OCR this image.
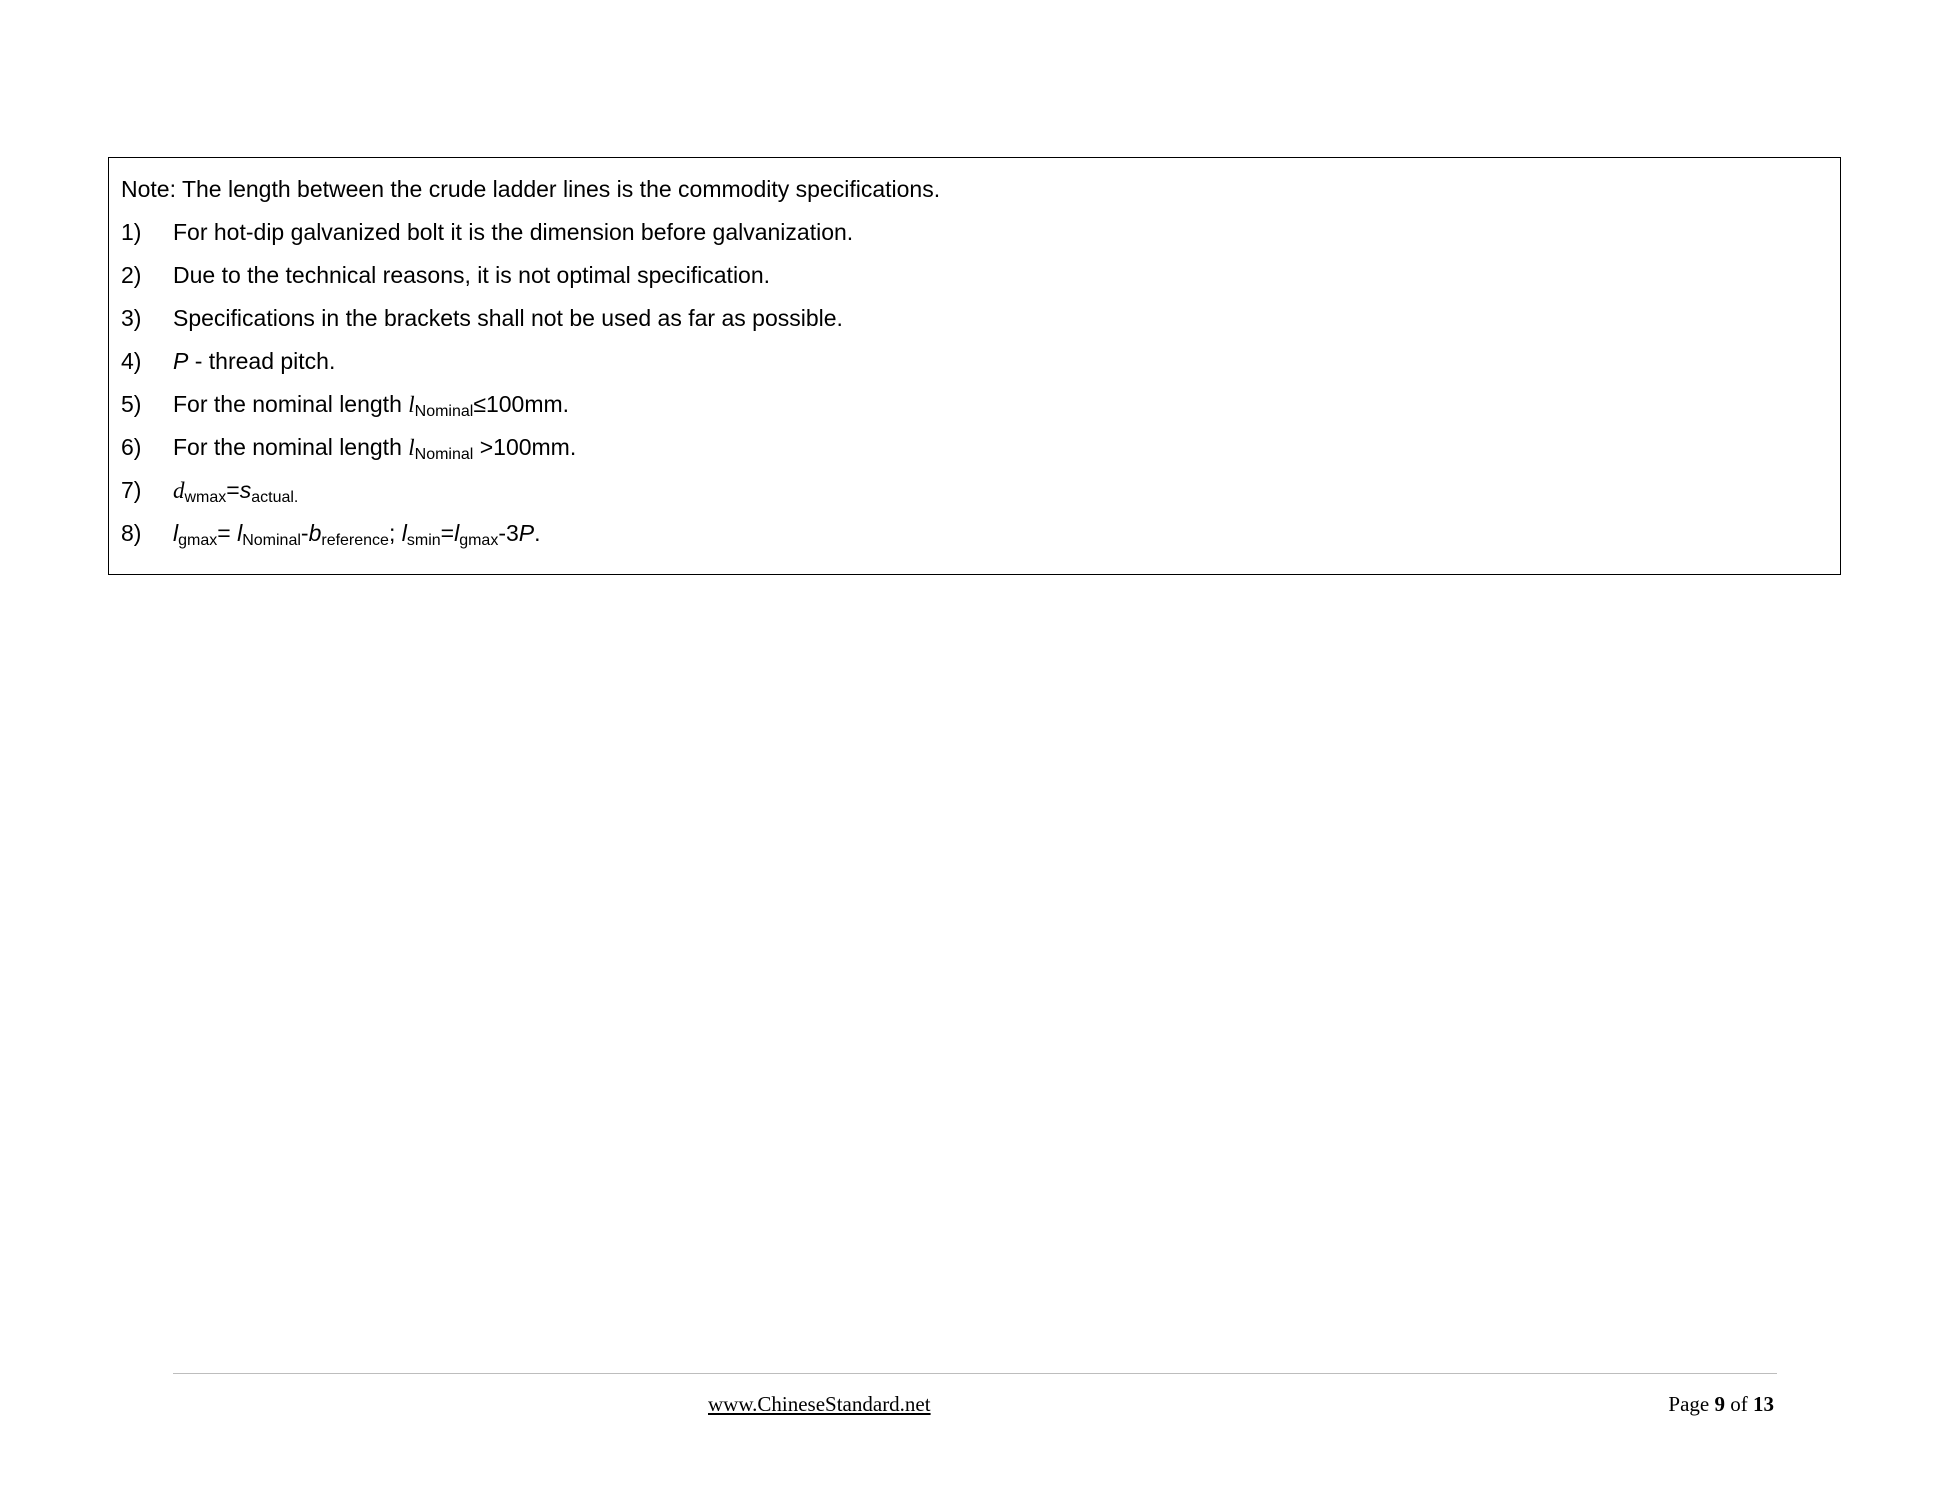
Note: The length between the crude ladder lines is the commodity specifications.
1) For hot-dip galvanized bolt it is the dimension before galvanization.
2) Due to the technical reasons, it is not optimal specification.
3) Specifications in the brackets shall not be used as far as possible.
4) P - thread pitch.
5) For the nominal length $l_{Nominal}\le 100mm$.
6) For the nominal length $l_{Nominal} >100mm$.
7) $d_{wmax}=s_{actual.}$
8) $l_{gmax}= l_{Nominal}-b_{reference}$; $l_{smin}=l_{gmax}-3P$.
www.ChineseStandard.net	Page 9 of 13
